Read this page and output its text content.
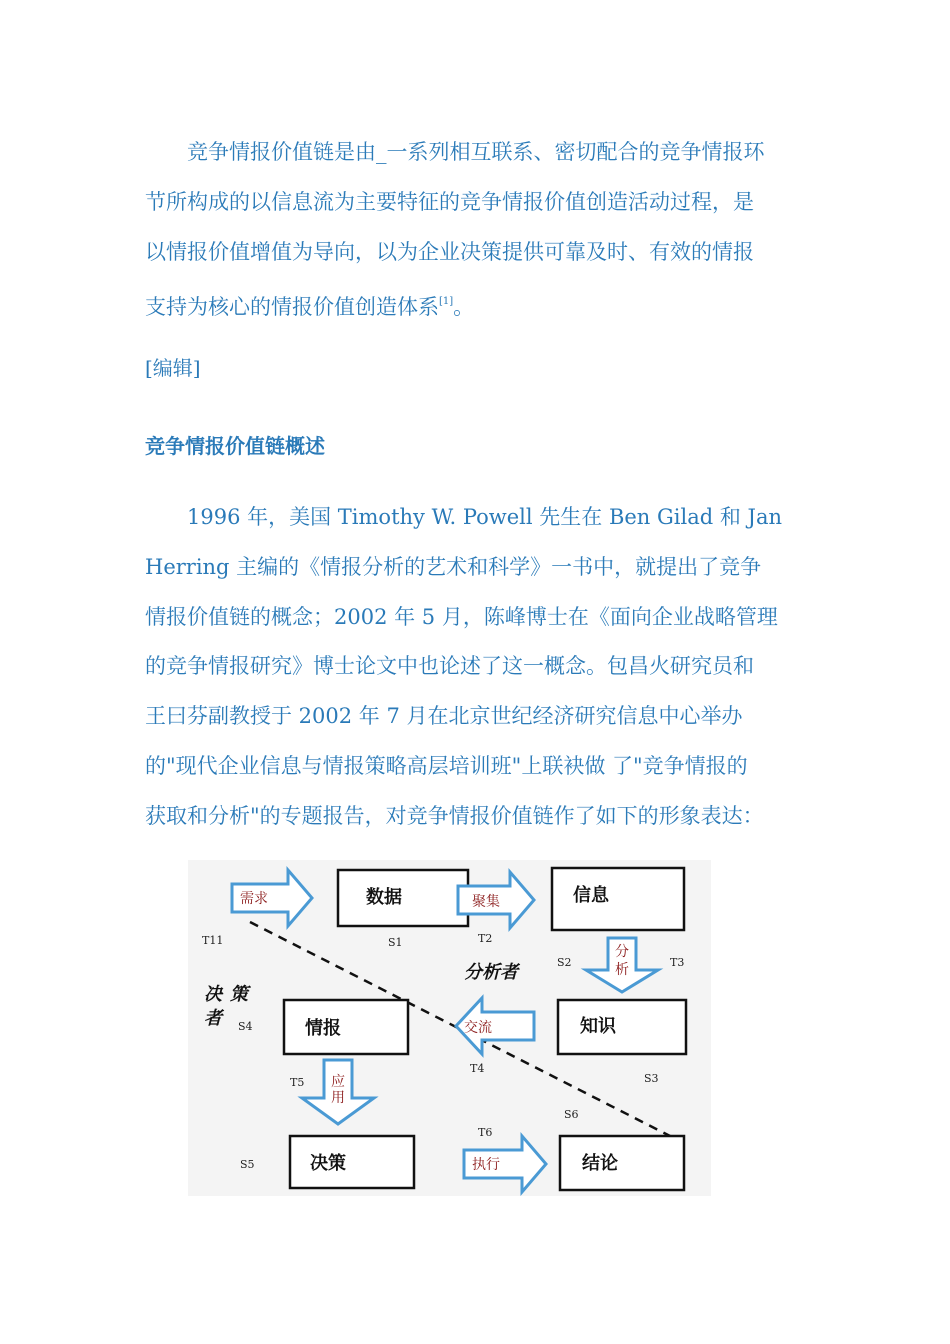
竞争情报价值链是由_一系列相互联系、密切配合的竞争情报环
节所构成的以信息流为主要特征的竞争情报价值创造活动过程，是
以情报价值增值为导向，以为企业决策提供可靠及时、有效的情报
支持为核心的情报价值创造体系[1]。

[编辑]

竞争情报价值链概述

1996 年，美国 Timothy W. Powell 先生在 Ben Gilad 和 Jan
Herring 主编的《情报分析的艺术和科学》一书中，就提出了竞争
情报价值链的概念；2002 年 5 月，陈峰博士在《面向企业战略管理
的竞争情报研究》博士论文中也论述了这一概念。包昌火研究员和
王曰芬副教授于 2002 年 7 月在北京世纪经济研究信息中心举办
的"现代企业信息与情报策略高层培训班"上联袂做 了"竞争情报的
获取和分析"的专题报告，对竞争情报价值链作了如下的形象表达：

数据	信息
知识
情报
决策	结论
需求	聚集
分
析
交流
应
用
执行
分析者
决 策
者
T11	S1	T2
S2	T3
S4
T4
S3
T5
S6
T6
S5
